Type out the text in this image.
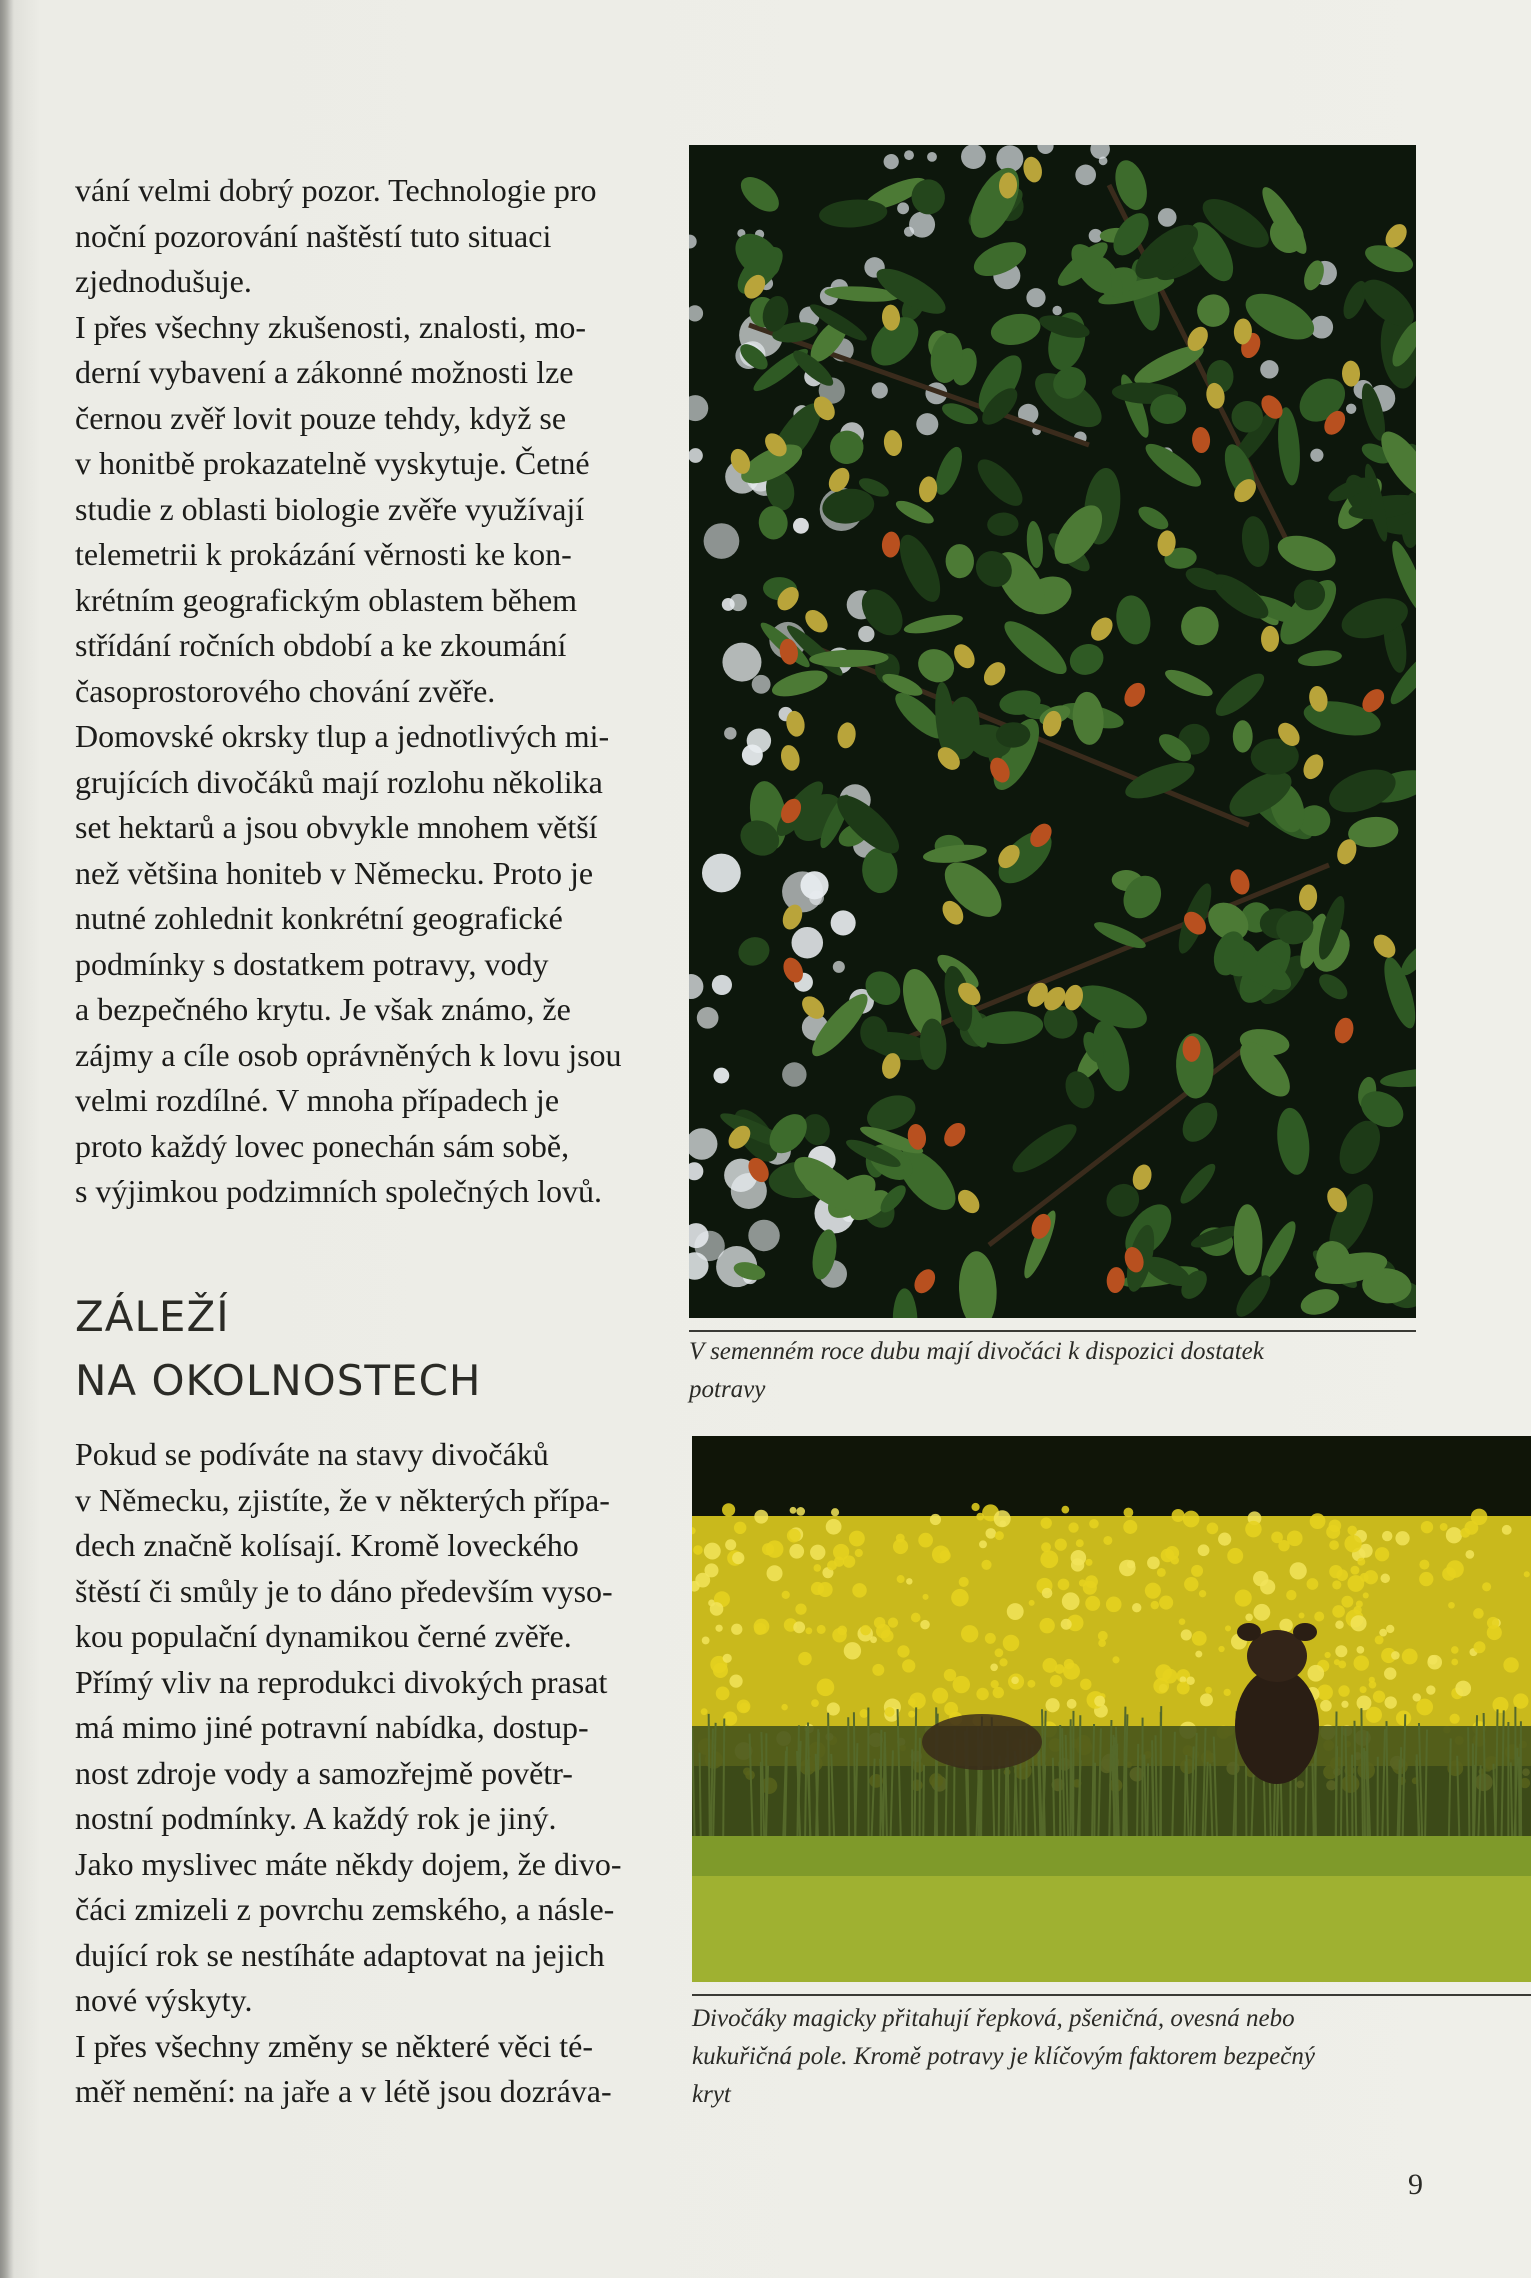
vání velmi dobrý pozor. Technologie pro

noční pozorování naštěstí tuto situaci

zjednodušuje.

I přes všechny zkušenosti, znalosti, mo-

derní vybavení a zákonné možnosti lze

černou zvěř lovit pouze tehdy, když se

v honitbě prokazatelně vyskytuje. Četné

studie z oblasti biologie zvěře využívají

telemetrii k prokázání věrnosti ke kon-

krétním geografickým oblastem během

střídání ročních období a ke zkoumání

časoprostorového chování zvěře.

Domovské okrsky tlup a jednotlivých mi-

grujících divočáků mají rozlohu několika

set hektarů a jsou obvykle mnohem větší

než většina honiteb v Německu. Proto je

nutné zohlednit konkrétní geografické

podmínky s dostatkem potravy, vody

a bezpečného krytu. Je však známo, že

zájmy a cíle osob oprávněných k lovu jsou

velmi rozdílné. V mnoha případech je

proto každý lovec ponechán sám sobě,

s výjimkou podzimních společných lovů.

ZÁLEŽÍ
NA OKOLNOSTECH

Pokud se podíváte na stavy divočáků

v Německu, zjistíte, že v některých přípa-

dech značně kolísají. Kromě loveckého

štěstí či smůly je to dáno především vyso-

kou populační dynamikou černé zvěře.

Přímý vliv na reprodukci divokých prasat

má mimo jiné potravní nabídka, dostup-

nost zdroje vody a samozřejmě povětr-

nostní podmínky. A každý rok je jiný.

Jako myslivec máte někdy dojem, že divo-

čáci zmizeli z povrchu zemského, a násle-

dující rok se nestíháte adaptovat na jejich

nové výskyty.

I přes všechny změny se některé věci té-

měř nemění: na jaře a v létě jsou dozráva-

V semenném roce dubu mají divočáci k dispozici dostatek

potravy

Divočáky magicky přitahují řepková, pšeničná, ovesná nebo

kukuřičná pole. Kromě potravy je klíčovým faktorem bezpečný

kryt

9
